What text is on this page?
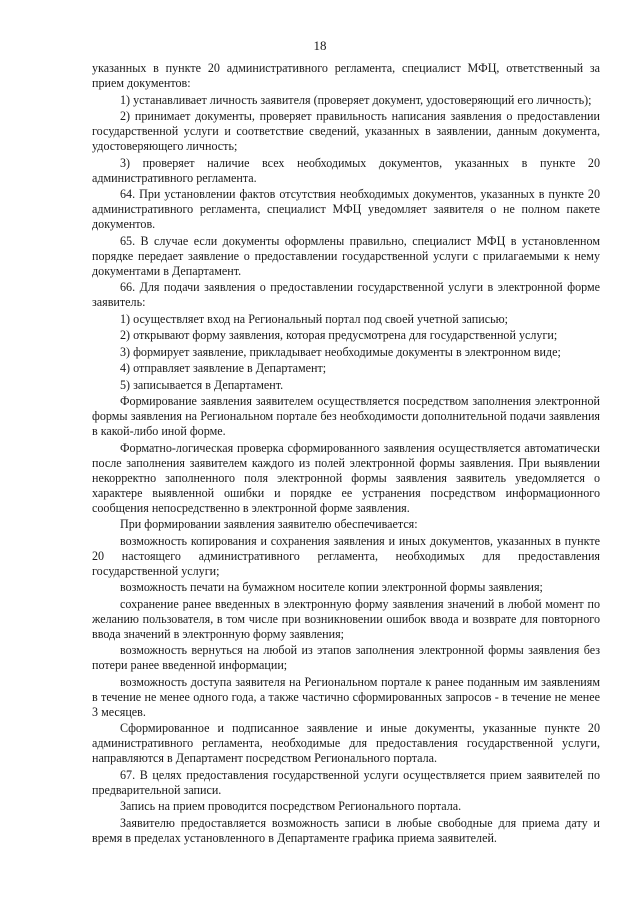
18

указанных в пункте 20 административного регламента, специалист МФЦ, ответственный за прием документов:

1) устанавливает личность заявителя (проверяет документ, удостоверяющий его личность);

2) принимает документы, проверяет правильность написания заявления о предоставлении государственной услуги и соответствие сведений, указанных в заявлении, данным документа, удостоверяющего личность;

3) проверяет наличие всех необходимых документов, указанных в пункте 20 административного регламента.

64. При установлении фактов отсутствия необходимых документов, указанных в пункте 20 административного регламента, специалист МФЦ уведомляет заявителя о не полном пакете документов.

65. В случае если документы оформлены правильно, специалист МФЦ в установленном порядке передает заявление о предоставлении государственной услуги с прилагаемыми к нему документами в Департамент.

66. Для подачи заявления о предоставлении государственной услуги в электронной форме заявитель:

1) осуществляет вход на Региональный портал под своей учетной записью;

2) открывают форму заявления, которая предусмотрена для государственной услуги;

3) формирует заявление, прикладывает необходимые документы в электронном виде;

4) отправляет заявление в Департамент;

5) записывается в Департамент.

Формирование заявления заявителем осуществляется посредством заполнения электронной формы заявления на Региональном портале без необходимости дополнительной подачи заявления в какой-либо иной форме.

Форматно-логическая проверка сформированного заявления осуществляется автоматически после заполнения заявителем каждого из полей электронной формы заявления. При выявлении некорректно заполненного поля электронной формы заявления заявитель уведомляется о характере выявленной ошибки и порядке ее устранения посредством информационного сообщения непосредственно в электронной форме заявления.

При формировании заявления заявителю обеспечивается:

возможность копирования и сохранения заявления и иных документов, указанных в пункте 20 настоящего административного регламента, необходимых для предоставления государственной услуги;

возможность печати на бумажном носителе копии электронной формы заявления;

сохранение ранее введенных в электронную форму заявления значений в любой момент по желанию пользователя, в том числе при возникновении ошибок ввода и возврате для повторного ввода значений в электронную форму заявления;

возможность вернуться на любой из этапов заполнения электронной формы заявления без потери ранее введенной информации;

возможность доступа заявителя на Региональном портале к ранее поданным им заявлениям в течение не менее одного года, а также частично сформированных запросов - в течение не менее 3 месяцев.

Сформированное и подписанное заявление и иные документы, указанные пункте 20 административного регламента, необходимые для предоставления государственной услуги, направляются в Департамент посредством Регионального портала.

67. В целях предоставления государственной услуги осуществляется прием заявителей по предварительной записи.

Запись на прием проводится посредством Регионального портала.

Заявителю предоставляется возможность записи в любые свободные для приема дату и время в пределах установленного в Департаменте графика приема заявителей.
